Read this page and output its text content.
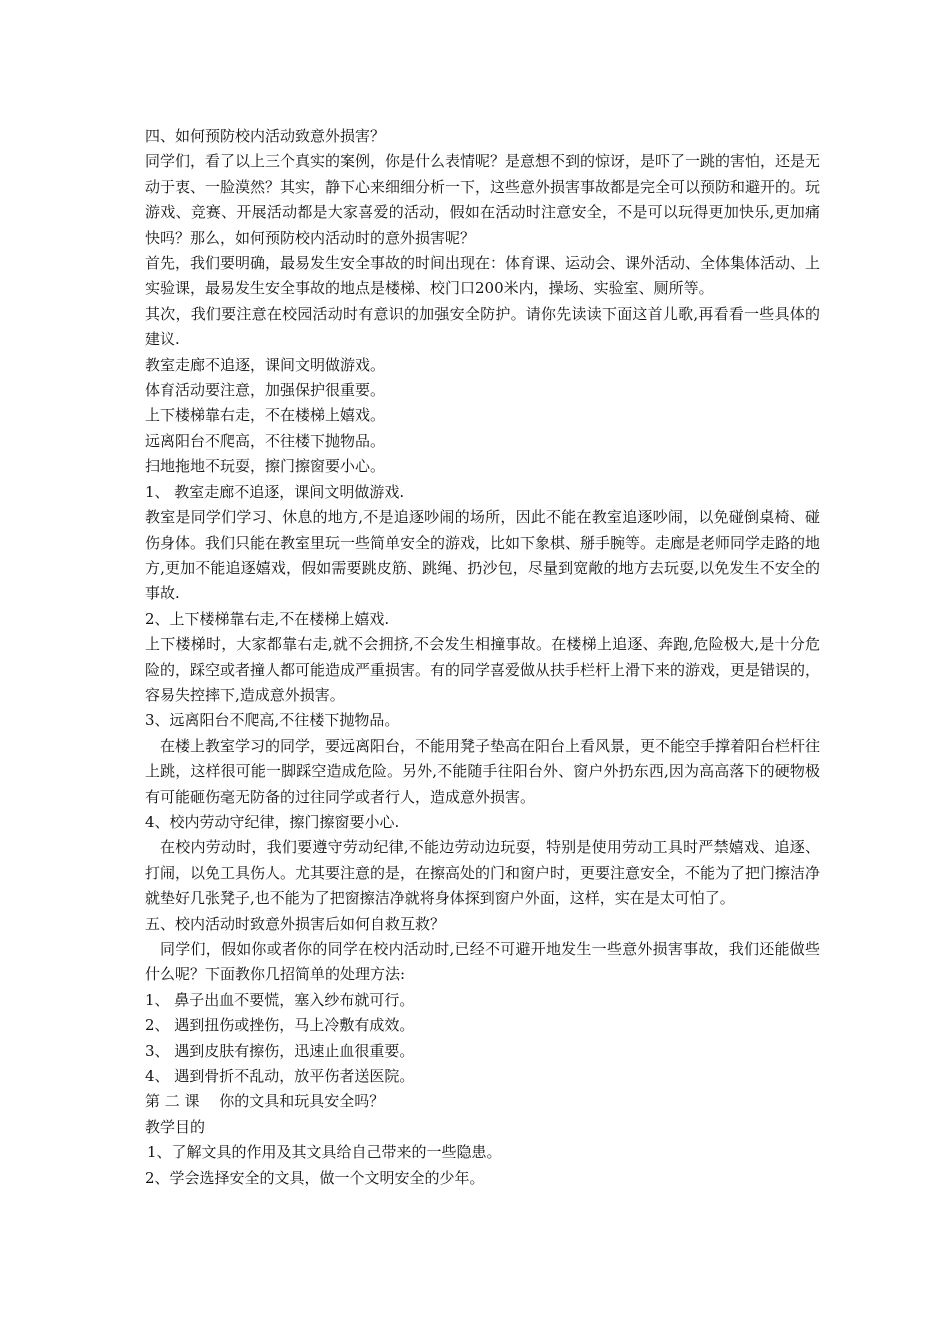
四、如何预防校内活动致意外损害？

同学们，看了以上三个真实的案例，你是什么表情呢？是意想不到的惊讶，是吓了一跳的害怕，还是无动于衷、一脸漠然？其实，静下心来细细分析一下，这些意外损害事故都是完全可以预防和避开的。玩游戏、竞赛、开展活动都是大家喜爱的活动，假如在活动时注意安全，不是可以玩得更加快乐,更加痛快吗？那么，如何预防校内活动时的意外损害呢？

首先，我们要明确，最易发生安全事故的时间出现在：体育课、运动会、课外活动、全体集体活动、上实验课，最易发生安全事故的地点是楼梯、校门口200米内，操场、实验室、厕所等。

其次，我们要注意在校园活动时有意识的加强安全防护。请你先读读下面这首儿歌,再看看一些具体的建议.

教室走廊不追逐，课间文明做游戏。

体育活动要注意，加强保护很重要。

上下楼梯靠右走，不在楼梯上嬉戏。

远离阳台不爬高，不往楼下抛物品。

扫地拖地不玩耍，擦门擦窗要小心。

1、 教室走廊不追逐，课间文明做游戏.

教室是同学们学习、休息的地方,不是追逐吵闹的场所，因此不能在教室追逐吵闹，以免碰倒桌椅、碰伤身体。我们只能在教室里玩一些简单安全的游戏，比如下象棋、掰手腕等。走廊是老师同学走路的地方,更加不能追逐嬉戏，假如需要跳皮筋、跳绳、扔沙包，尽量到宽敞的地方去玩耍,以免发生不安全的事故.

2、上下楼梯靠右走,不在楼梯上嬉戏.

上下楼梯时，大家都靠右走,就不会拥挤,不会发生相撞事故。在楼梯上追逐、奔跑,危险极大,是十分危险的，踩空或者撞人都可能造成严重损害。有的同学喜爱做从扶手栏杆上滑下来的游戏，更是错误的，容易失控摔下,造成意外损害。

3、远离阳台不爬高,不往楼下抛物品。

在楼上教室学习的同学，要远离阳台，不能用凳子垫高在阳台上看风景，更不能空手撑着阳台栏杆往上跳，这样很可能一脚踩空造成危险。另外,不能随手往阳台外、窗户外扔东西,因为高高落下的硬物极有可能砸伤毫无防备的过往同学或者行人，造成意外损害。

4、校内劳动守纪律，擦门擦窗要小心.

在校内劳动时，我们要遵守劳动纪律,不能边劳动边玩耍，特别是使用劳动工具时严禁嬉戏、追逐、打闹，以免工具伤人。尤其要注意的是，在擦高处的门和窗户时，更要注意安全，不能为了把门擦洁净就垫好几张凳子,也不能为了把窗擦洁净就将身体探到窗户外面，这样，实在是太可怕了。

五、校内活动时致意外损害后如何自救互救？

同学们，假如你或者你的同学在校内活动时,已经不可避开地发生一些意外损害事故，我们还能做些什么呢？下面教你几招简单的处理方法:

1、 鼻子出血不要慌，塞入纱布就可行。

2、 遇到扭伤或挫伤，马上冷敷有成效。

3、 遇到皮肤有擦伤，迅速止血很重要。

4、 遇到骨折不乱动，放平伤者送医院。

第 二 课　 你的文具和玩具安全吗？

教学目的

1、了解文具的作用及其文具给自己带来的一些隐患。

2、学会选择安全的文具，做一个文明安全的少年。
